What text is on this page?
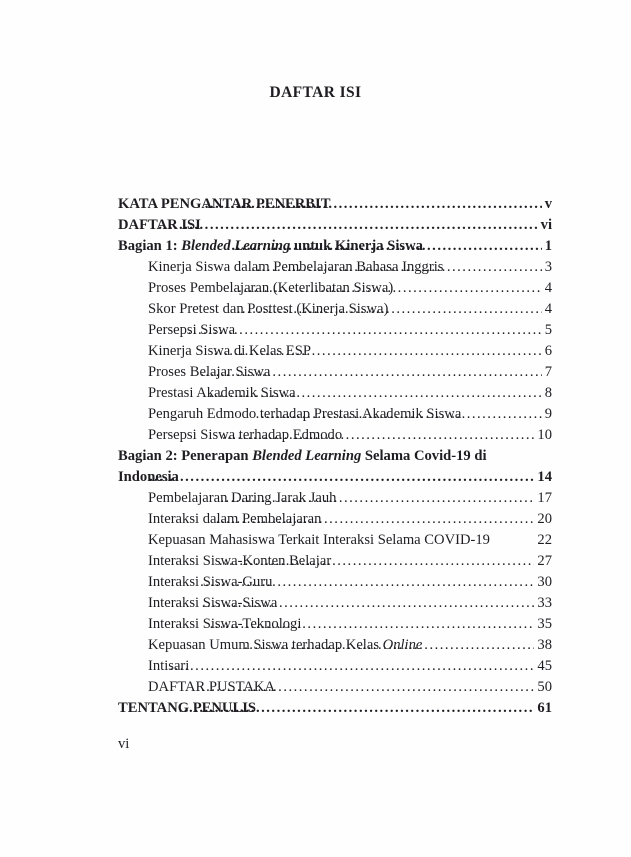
DAFTAR ISI
KATA PENGANTAR PENERBIT .....	v
DAFTAR ISI .....	vi
Bagian 1: Blended Learning untuk Kinerja Siswa .....	1
Kinerja Siswa dalam Pembelajaran Bahasa Inggris .....	3
Proses Pembelajaran (Keterlibatan Siswa) .....	4
Skor Pretest dan Posttest (Kinerja Siswa) .....	4
Persepsi Siswa .....	5
Kinerja Siswa di Kelas ESP .....	6
Proses Belajar Siswa .....	7
Prestasi Akademik Siswa .....	8
Pengaruh Edmodo terhadap Prestasi Akademik Siswa .....	9
Persepsi Siswa terhadap Edmodo .....	10
Bagian 2: Penerapan Blended Learning Selama Covid-19 di
Indonesia .....	14
Pembelajaran Daring Jarak Jauh .....	17
Interaksi dalam Pembelajaran .....	20
Kepuasan Mahasiswa Terkait Interaksi Selama COVID-19	22
Interaksi Siswa-Konten Belajar .....	27
Interaksi Siswa-Guru .....	30
Interaksi Siswa-Siswa .....	33
Interaksi Siswa-Teknologi .....	35
Kepuasan Umum Siswa terhadap Kelas Online .....	38
Intisari .....	45
DAFTAR PUSTAKA .....	50
TENTANG PENULIS .....	61
vi
